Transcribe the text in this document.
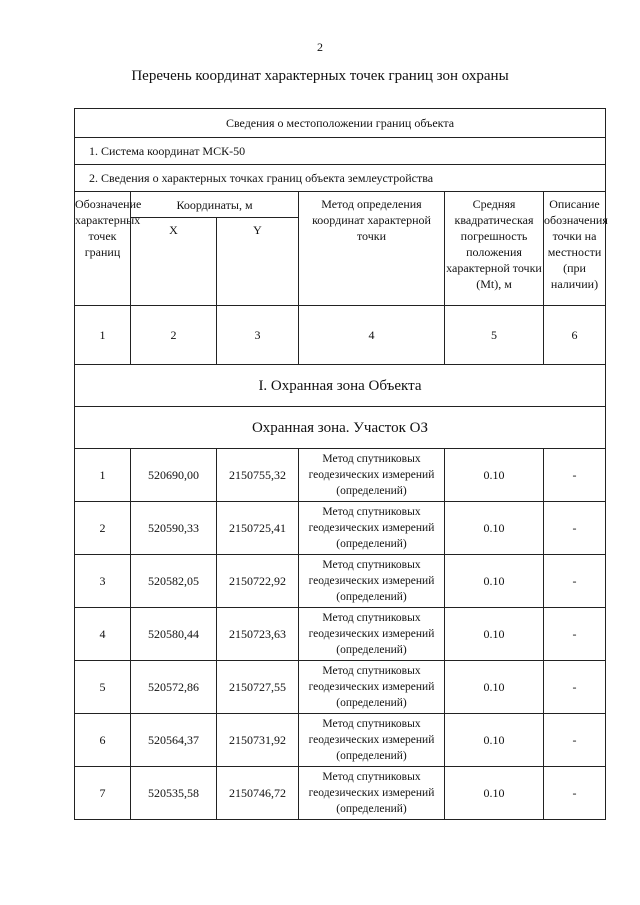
2
Перечень координат характерных точек границ зон охраны
Сведения о местоположении границ объекта					
1. Система координат МСК-50					
2. Сведения о характерных точках границ объекта землеустройства					
Обозначение характерных точек границ	Координаты, м		Метод определения координат характерной точки	Средняя квадратическая погрешность положения характерной точки (Mt), м	Описание обозначения точки на местности (при наличии)
	X	Y			
1	2	3	4	5	6
I. Охранная зона Объекта					
Охранная зона. Участок ОЗ					
1	520690,00	2150755,32	Метод спутниковых геодезических измерений (определений)	0.10	-
2	520590,33	2150725,41	Метод спутниковых геодезических измерений (определений)	0.10	-
3	520582,05	2150722,92	Метод спутниковых геодезических измерений (определений)	0.10	-
4	520580,44	2150723,63	Метод спутниковых геодезических измерений (определений)	0.10	-
5	520572,86	2150727,55	Метод спутниковых геодезических измерений (определений)	0.10	-
6	520564,37	2150731,92	Метод спутниковых геодезических измерений (определений)	0.10	-
7	520535,58	2150746,72	Метод спутниковых геодезических измерений (определений)	0.10	-
